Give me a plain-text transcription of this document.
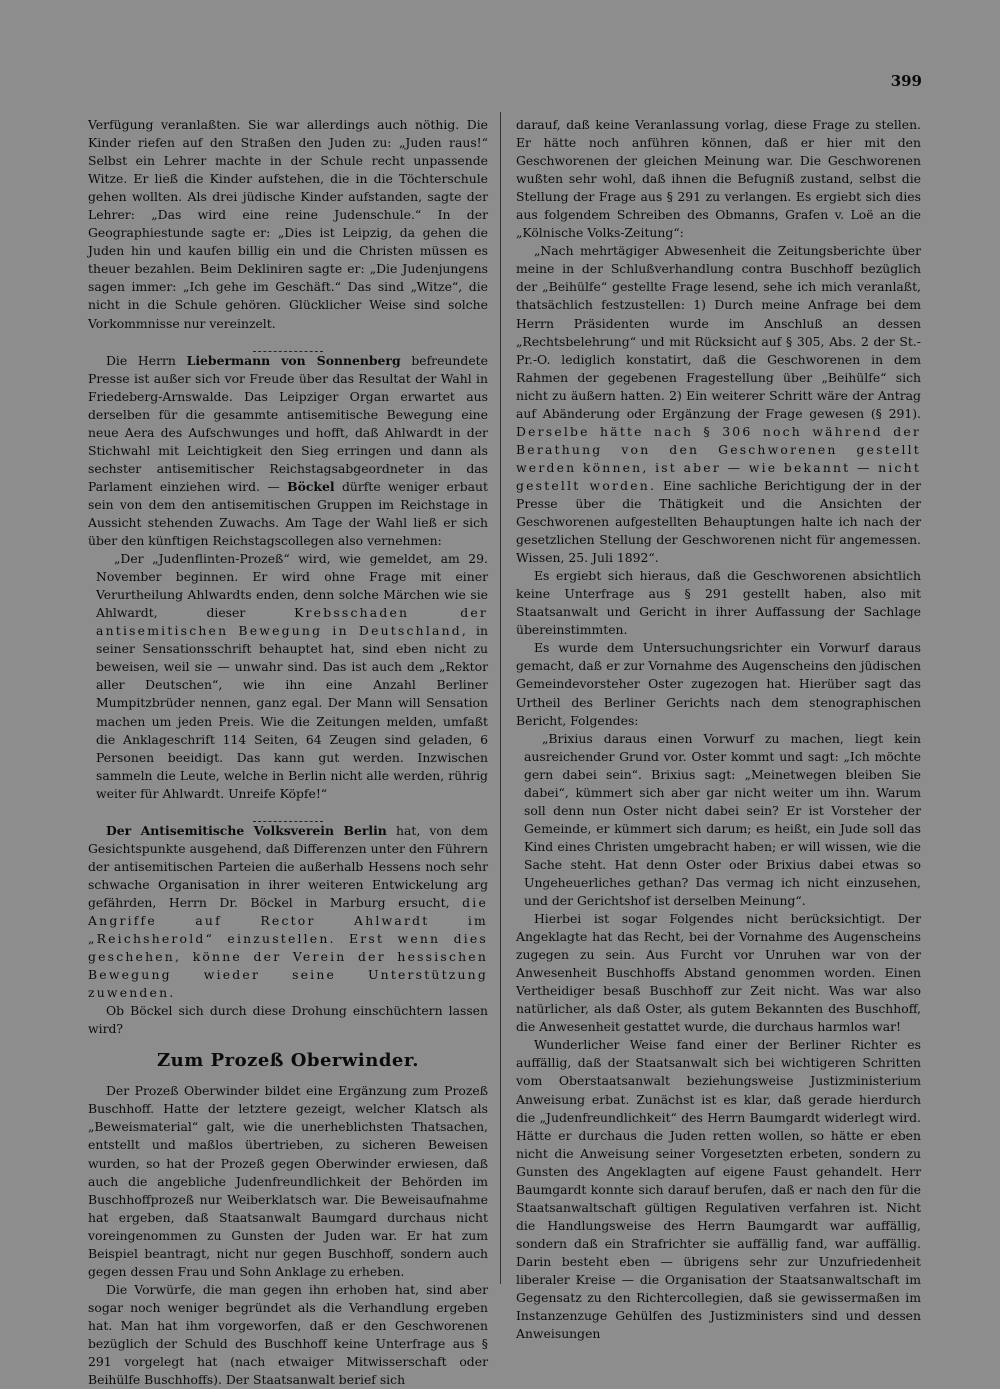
399

Verfügung veranlaßten. Sie war allerdings auch nöthig. Die Kinder riefen auf den Straßen den Juden zu: „Juden raus!“ Selbst ein Lehrer machte in der Schule recht unpassende Witze. Er ließ die Kinder aufstehen, die in die Töchterschule gehen wollten. Als drei jüdische Kinder aufstanden, sagte der Lehrer: „Das wird eine reine Judenschule.“ In der Geographiestunde sagte er: „Dies ist Leipzig, da gehen die Juden hin und kaufen billig ein und die Christen müssen es theuer bezahlen. Beim Dekliniren sagte er: „Die Judenjungens sagen immer: „Ich gehe im Geschäft.“ Das sind „Witze“, die nicht in die Schule gehören. Glücklicher Weise sind solche Vorkommnisse nur vereinzelt.

Die Herrn Liebermann von Sonnenberg befreundete Presse ist außer sich vor Freude über das Resultat der Wahl in Friedeberg-Arnswalde. Das Leipziger Organ erwartet aus derselben für die gesammte antisemitische Bewegung eine neue Aera des Aufschwunges und hofft, daß Ahlwardt in der Stichwahl mit Leichtigkeit den Sieg erringen und dann als sechster antisemitischer Reichstagsabgeordneter in das Parlament einziehen wird. — Böckel dürfte weniger erbaut sein von dem den antisemitischen Gruppen im Reichstage in Aussicht stehenden Zuwachs. Am Tage der Wahl ließ er sich über den künftigen Reichstagscollegen also vernehmen:

„Der „Judenflinten-Prozeß“ wird, wie gemeldet, am 29. November beginnen. Er wird ohne Frage mit einer Verurtheilung Ahlwardts enden, denn solche Märchen wie sie Ahlwardt, dieser	Krebsschaden der antisemitischen Bewegung in Deutschland, in seiner Sensationsschrift behauptet hat, sind eben nicht zu beweisen, weil sie — unwahr sind. Das ist auch dem „Rektor aller Deutschen“, wie ihn eine Anzahl Berliner Mumpitzbrüder nennen, ganz egal. Der Mann will Sensation machen um jeden Preis. Wie die Zeitungen melden, umfaßt die Anklageschrift 114 Seiten, 64 Zeugen sind geladen, 6 Personen beeidigt. Das kann gut werden. Inzwischen sammeln die Leute, welche in Berlin nicht alle werden, rührig weiter für Ahlwardt. Unreife Köpfe!“

Der Antisemitische Volksverein Berlin hat, von dem Gesichtspunkte ausgehend, daß Differenzen unter den Führern der antisemitischen Parteien die außerhalb Hessens noch sehr schwache Organisation in ihrer weiteren Entwickelung arg gefährden, Herrn Dr. Böckel in Marburg ersucht, die Angriffe auf Rector Ahlwardt im „Reichsherold“ einzustellen. Erst wenn dies geschehen, könne der Verein der hessischen Bewegung wieder seine Unterstützung zuwenden.

Ob Böckel sich durch diese Drohung einschüchtern lassen wird?

Zum Prozeß Oberwinder.

Der Prozeß Oberwinder bildet eine Ergänzung zum Prozeß Buschhoff. Hatte der letztere gezeigt, welcher Klatsch als „Beweismaterial“ galt, wie die unerheblichsten Thatsachen, entstellt und maßlos übertrieben, zu sicheren Beweisen wurden, so hat der Prozeß gegen Oberwinder erwiesen, daß auch die angebliche Judenfreundlichkeit der Behörden im Buschhoffprozeß nur Weiberklatsch war. Die Beweisaufnahme hat ergeben, daß Staatsanwalt Baumgard durchaus nicht voreingenommen zu Gunsten der Juden war. Er hat zum Beispiel beantragt, nicht nur gegen Buschhoff, sondern auch gegen dessen Frau und Sohn Anklage zu erheben.

Die Vorwürfe, die man gegen ihn erhoben hat, sind aber sogar noch weniger begründet als die Verhandlung ergeben hat. Man hat ihm vorgeworfen, daß er den Geschworenen bezüglich der Schuld des Buschhoff keine Unterfrage aus § 291 vorgelegt hat (nach etwaiger Mitwisserschaft oder Beihülfe Buschhoffs). Der Staatsanwalt berief sich

darauf, daß keine Veranlassung vorlag, diese Frage zu stellen. Er hätte noch anführen können, daß er hier mit den Geschworenen der gleichen Meinung war. Die Geschworenen wußten sehr wohl, daß ihnen die Befugniß zustand, selbst die Stellung der Frage aus § 291 zu verlangen. Es ergiebt sich dies aus folgendem Schreiben des Obmanns, Grafen v. Loë an die „Kölnische Volks-Zeitung“:

„Nach mehrtägiger Abwesenheit die Zeitungsberichte über meine in der Schlußverhandlung contra Buschhoff bezüglich der „Beihülfe“ gestellte Frage lesend, sehe ich mich veranlaßt, thatsächlich festzustellen: 1) Durch meine Anfrage bei dem Herrn Präsidenten wurde im Anschluß an dessen „Rechtsbelehrung“ und mit Rücksicht auf § 305, Abs. 2 der St.-Pr.-O. lediglich konstatirt, daß die Geschworenen in dem Rahmen der gegebenen Fragestellung über „Beihülfe“ sich nicht zu äußern hatten. 2) Ein weiterer Schritt wäre der Antrag auf Abänderung oder Ergänzung der Frage gewesen (§ 291). Derselbe hätte nach § 306 noch während der Berathung von den Geschworenen gestellt werden können, ist aber — wie bekannt — nicht gestellt worden. Eine sachliche Berichtigung der in der Presse über die Thätigkeit und die Ansichten der Geschworenen aufgestellten Behauptungen halte ich nach der gesetzlichen Stellung der Geschworenen nicht für angemessen. Wissen, 25. Juli 1892“.

Es ergiebt sich hieraus, daß die Geschworenen absichtlich keine Unterfrage aus § 291 gestellt haben, also mit Staatsanwalt und Gericht in ihrer Auffassung der Sachlage übereinstimmten.

Es wurde dem Untersuchungsrichter ein Vorwurf daraus gemacht, daß er zur Vornahme des Augenscheins den jüdischen Gemeindevorsteher Oster zugezogen hat. Hierüber sagt das Urtheil des Berliner Gerichts nach dem stenographischen Bericht, Folgendes:

„Brixius daraus einen Vorwurf zu machen, liegt kein ausreichender Grund vor. Oster kommt und sagt: „Ich möchte gern dabei sein“. Brixius sagt: „Meinetwegen bleiben Sie dabei“, kümmert sich aber gar nicht weiter um ihn. Warum soll denn nun Oster nicht dabei sein? Er ist Vorsteher der Gemeinde, er kümmert sich darum; es heißt, ein Jude soll das Kind eines Christen umgebracht haben; er will wissen, wie die Sache steht. Hat denn Oster oder Brixius dabei etwas so Ungeheuerliches gethan? Das vermag ich nicht einzusehen, und der Gerichtshof ist derselben Meinung“.

Hierbei ist sogar Folgendes nicht berücksichtigt. Der Angeklagte hat das Recht, bei der Vornahme des Augenscheins zugegen zu sein. Aus Furcht vor Unruhen war von der Anwesenheit Buschhoffs Abstand genommen worden. Einen Vertheidiger besaß Buschhoff zur Zeit nicht. Was war also natürlicher, als daß Oster, als gutem Bekannten des Buschhoff, die Anwesenheit gestattet wurde, die durchaus harmlos war!

Wunderlicher Weise fand einer der Berliner Richter es auffällig, daß der Staatsanwalt sich bei wichtigeren Schritten vom Oberstaatsanwalt beziehungsweise Justizministerium Anweisung erbat. Zunächst ist es klar, daß gerade hierdurch die „Judenfreundlichkeit“ des Herrn Baumgardt widerlegt wird. Hätte er durchaus die Juden retten wollen, so hätte er eben nicht die Anweisung seiner Vorgesetzten erbeten, sondern zu Gunsten des Angeklagten auf eigene Faust gehandelt. Herr Baumgardt konnte sich darauf berufen, daß er nach den für die Staatsanwaltschaft gültigen Regulativen verfahren ist. Nicht die Handlungsweise des Herrn Baumgardt war auffällig, sondern daß ein Strafrichter sie auffällig fand, war auffällig. Darin besteht eben — übrigens sehr zur Unzufriedenheit liberaler Kreise — die Organisation der Staatsanwaltschaft im Gegensatz zu den Richtercollegien, daß sie gewissermaßen im Instanzenzuge Gehülfen des Justizministers sind und dessen Anweisungen
